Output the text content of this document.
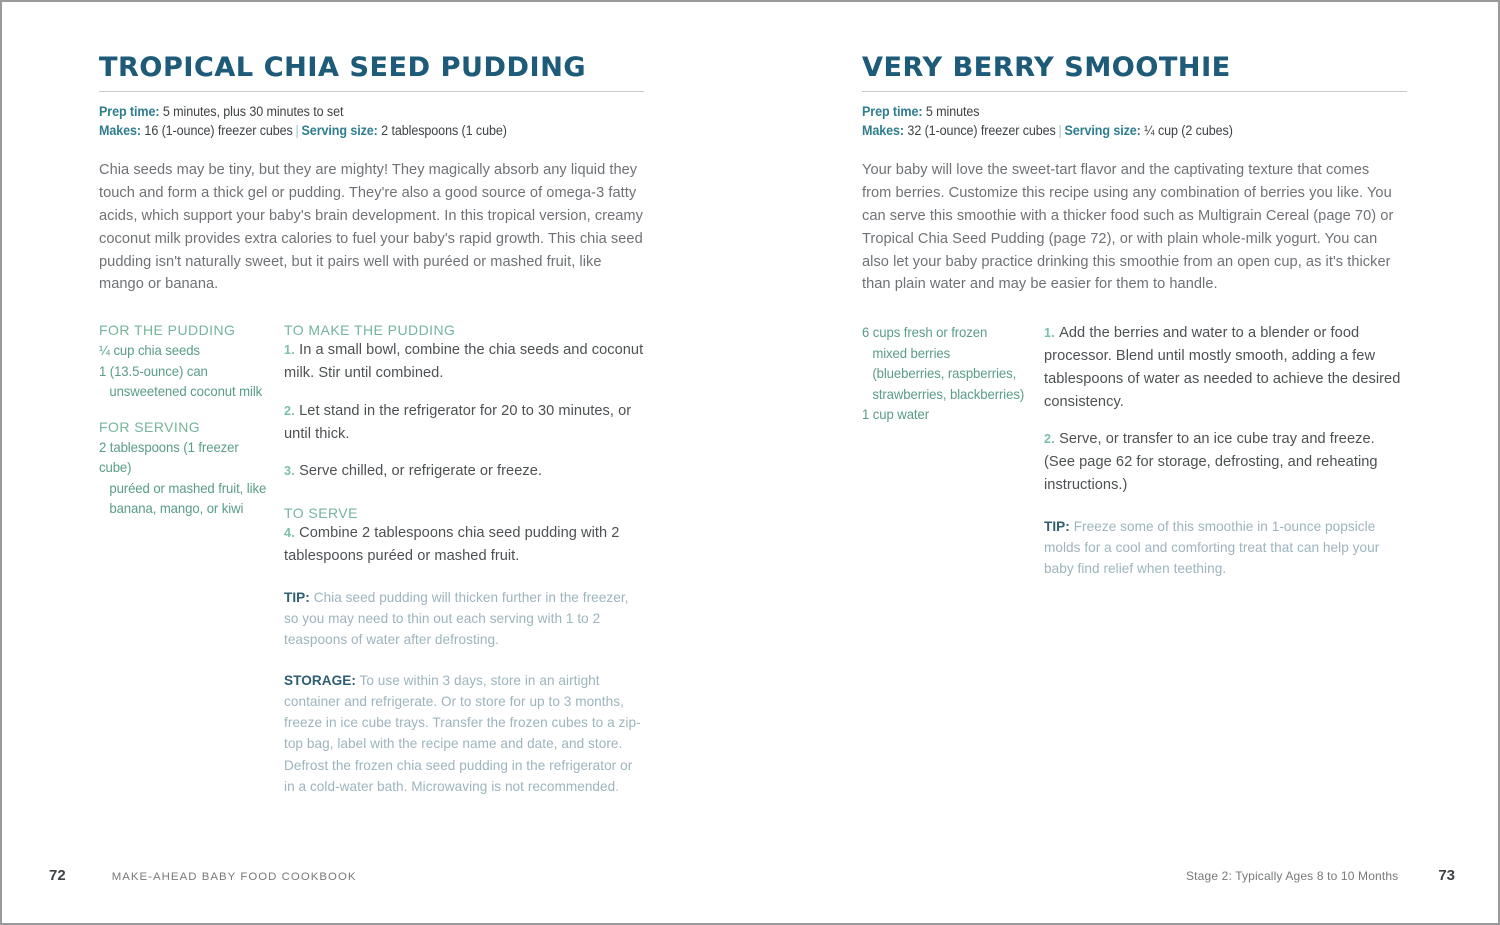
TROPICAL CHIA SEED PUDDING
Prep time: 5 minutes, plus 30 minutes to set
Makes: 16 (1-ounce) freezer cubes | Serving size: 2 tablespoons (1 cube)

Chia seeds may be tiny, but they are mighty! They magically absorb any liquid they touch and form a thick gel or pudding. They're also a good source of omega-3 fatty acids, which support your baby's brain development. In this tropical version, creamy coconut milk provides extra calories to fuel your baby's rapid growth. This chia seed pudding isn't naturally sweet, but it pairs well with puréed or mashed fruit, like mango or banana.

FOR THE PUDDING
¼ cup chia seeds
1 (13.5-ounce) can
unsweetened coconut milk
FOR SERVING
2 tablespoons (1 freezer cube)
puréed or mashed fruit, like
banana, mango, or kiwi
TO MAKE THE PUDDING

1. In a small bowl, combine the chia seeds and coconut milk. Stir until combined.

2. Let stand in the refrigerator for 20 to 30 minutes, or until thick.

3. Serve chilled, or refrigerate or freeze.

TO SERVE

4. Combine 2 tablespoons chia seed pudding with 2 tablespoons puréed or mashed fruit.

TIP: Chia seed pudding will thicken further in the freezer, so you may need to thin out each serving with 1 to 2 teaspoons of water after defrosting.

STORAGE: To use within 3 days, store in an airtight container and refrigerate. Or to store for up to 3 months, freeze in ice cube trays. Transfer the frozen cubes to a zip-top bag, label with the recipe name and date, and store. Defrost the frozen chia seed pudding in the refrigerator or in a cold-water bath. Microwaving is not recommended.

72	MAKE-AHEAD BABY FOOD COOKBOOK
VERY BERRY SMOOTHIE
Prep time: 5 minutes
Makes: 32 (1-ounce) freezer cubes | Serving size: ¼ cup (2 cubes)

Your baby will love the sweet-tart flavor and the captivating texture that comes from berries. Customize this recipe using any combination of berries you like. You can serve this smoothie with a thicker food such as Multigrain Cereal (page 70) or Tropical Chia Seed Pudding (page 72), or with plain whole-milk yogurt. You can also let your baby practice drinking this smoothie from an open cup, as it's thicker than plain water and may be easier for them to handle.

6 cups fresh or frozen
mixed berries
(blueberries, raspberries,
strawberries, blackberries)
1 cup water

1. Add the berries and water to a blender or food processor. Blend until mostly smooth, adding a few tablespoons of water as needed to achieve the desired consistency.

2. Serve, or transfer to an ice cube tray and freeze. (See page 62 for storage, defrosting, and reheating instructions.)

TIP: Freeze some of this smoothie in 1-ounce popsicle molds for a cool and comforting treat that can help your baby find relief when teething.

Stage 2: Typically Ages 8 to 10 Months	73
